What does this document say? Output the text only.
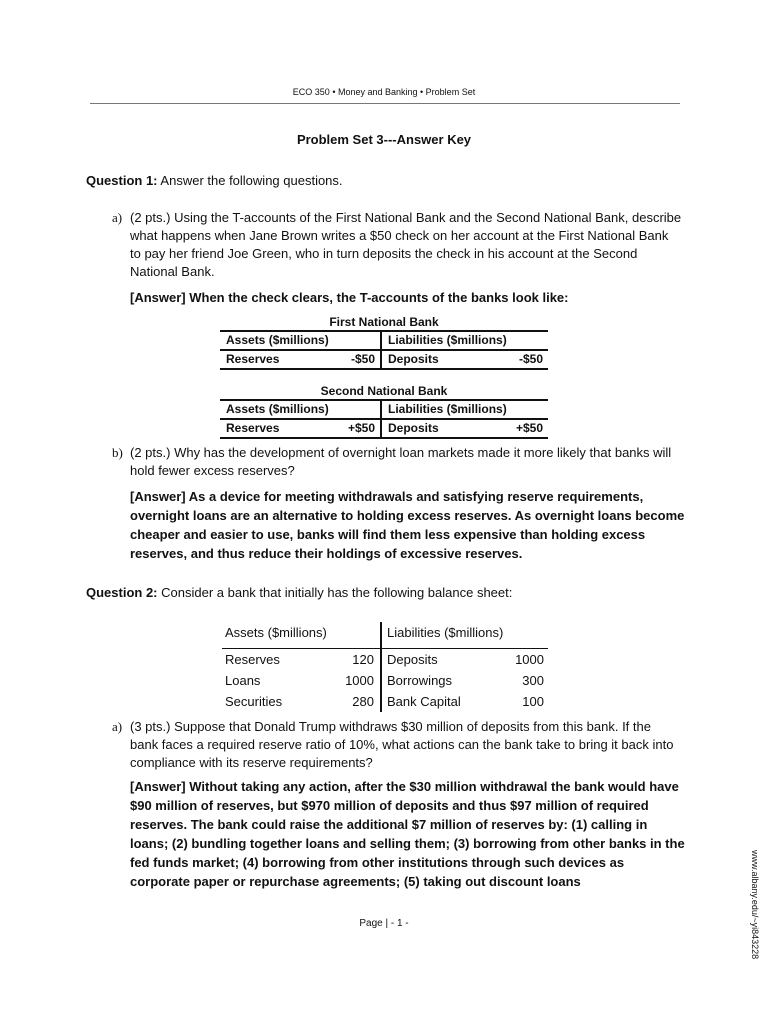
ECO 350 • Money and Banking • Problem Set
Problem Set 3---Answer Key
Question 1: Answer the following questions.
a) (2 pts.) Using the T-accounts of the First National Bank and the Second National Bank, describe what happens when Jane Brown writes a $50 check on her account at the First National Bank to pay her friend Joe Green, who in turn deposits the check in his account at the Second National Bank.
[Answer] When the check clears, the T-accounts of the banks look like:
First National Bank
Assets ($millions)	Liabilities ($millions)
Reserves	-$50 Deposits	-$50
Second National Bank
Assets ($millions)	Liabilities ($millions)
Reserves	+$50 Deposits	+$50
b) (2 pts.) Why has the development of overnight loan markets made it more likely that banks will hold fewer excess reserves?
[Answer] As a device for meeting withdrawals and satisfying reserve requirements, overnight loans are an alternative to holding excess reserves. As overnight loans become cheaper and easier to use, banks will find them less expensive than holding excess reserves, and thus reduce their holdings of excessive reserves.
Question 2: Consider a bank that initially has the following balance sheet:
Assets ($millions)	Liabilities ($millions)
Reserves	120 Deposits	1000
Loans	1000 Borrowings	300
Securities	280 Bank Capital	100
a) (3 pts.) Suppose that Donald Trump withdraws $30 million of deposits from this bank. If the bank faces a required reserve ratio of 10%, what actions can the bank take to bring it back into compliance with its reserve requirements?
[Answer] Without taking any action, after the $30 million withdrawal the bank would have $90 million of reserves, but $970 million of deposits and thus $97 million of required reserves. The bank could raise the additional $7 million of reserves by: (1) calling in loans; (2) bundling together loans and selling them; (3) borrowing from other banks in the fed funds market; (4) borrowing from other institutions through such devices as corporate paper or repurchase agreements; (5) taking out discount loans
Page | - 1 -	www.albany.edu/~yi843228
